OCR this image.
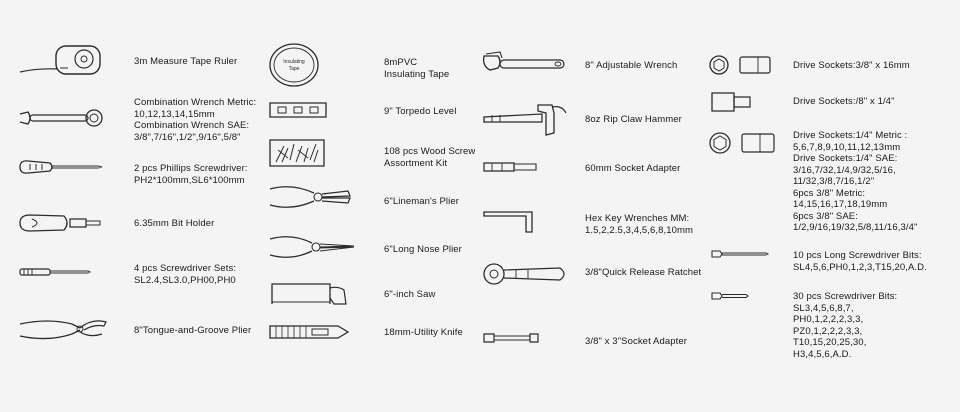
3m Measure Tape Ruler
Combination Wrench Metric:
10,12,13,14,15mm
Combination Wrench SAE:
3/8",7/16",1/2",9/16",5/8"
2 pcs Phillips Screwdriver:
PH2*100mm,SL6*100mm
6.35mm Bit Holder
4 pcs Screwdriver Sets:
SL2.4,SL3.0,PH00,PH0
8"Tongue-and-Groove Plier
Insulating
Tape
8mPVC
Insulating Tape
9" Torpedo Level
108 pcs Wood Screw
Assortment Kit
6"Lineman's Plier
6"Long Nose Plier
6"-inch Saw
18mm-Utility Knife
8" Adjustable Wrench
8oz Rip Claw Hammer
60mm Socket Adapter
Hex Key Wrenches MM:
1.5,2,2.5,3,4,5,6,8,10mm
3/8"Quick Release Ratchet
3/8" x 3"Socket Adapter
Drive Sockets:3/8" x 16mm
Drive Sockets:/8" x 1/4"
Drive Sockets:1/4" Metric :
5,6,7,8,9,10,11,12,13mm
Drive Sockets:1/4" SAE:
3/16,7/32,1/4,9/32,5/16,
11/32,3/8,7/16,1/2"
6pcs 3/8" Metric:
14,15,16,17,18,19mm
6pcs 3/8" SAE:
1/2,9/16,19/32,5/8,11/16,3/4"
10 pcs Long Screwdriver Bits:
SL4,5,6,PH0,1,2,3,T15,20,A.D.
30 pcs Screwdriver Bits:
SL3,4,5,6,8,7,
PH0,1,2,2,2,3,3,
PZ0,1,2,2,2,3,3,
T10,15,20,25,30,
H3,4,5,6,A.D.
